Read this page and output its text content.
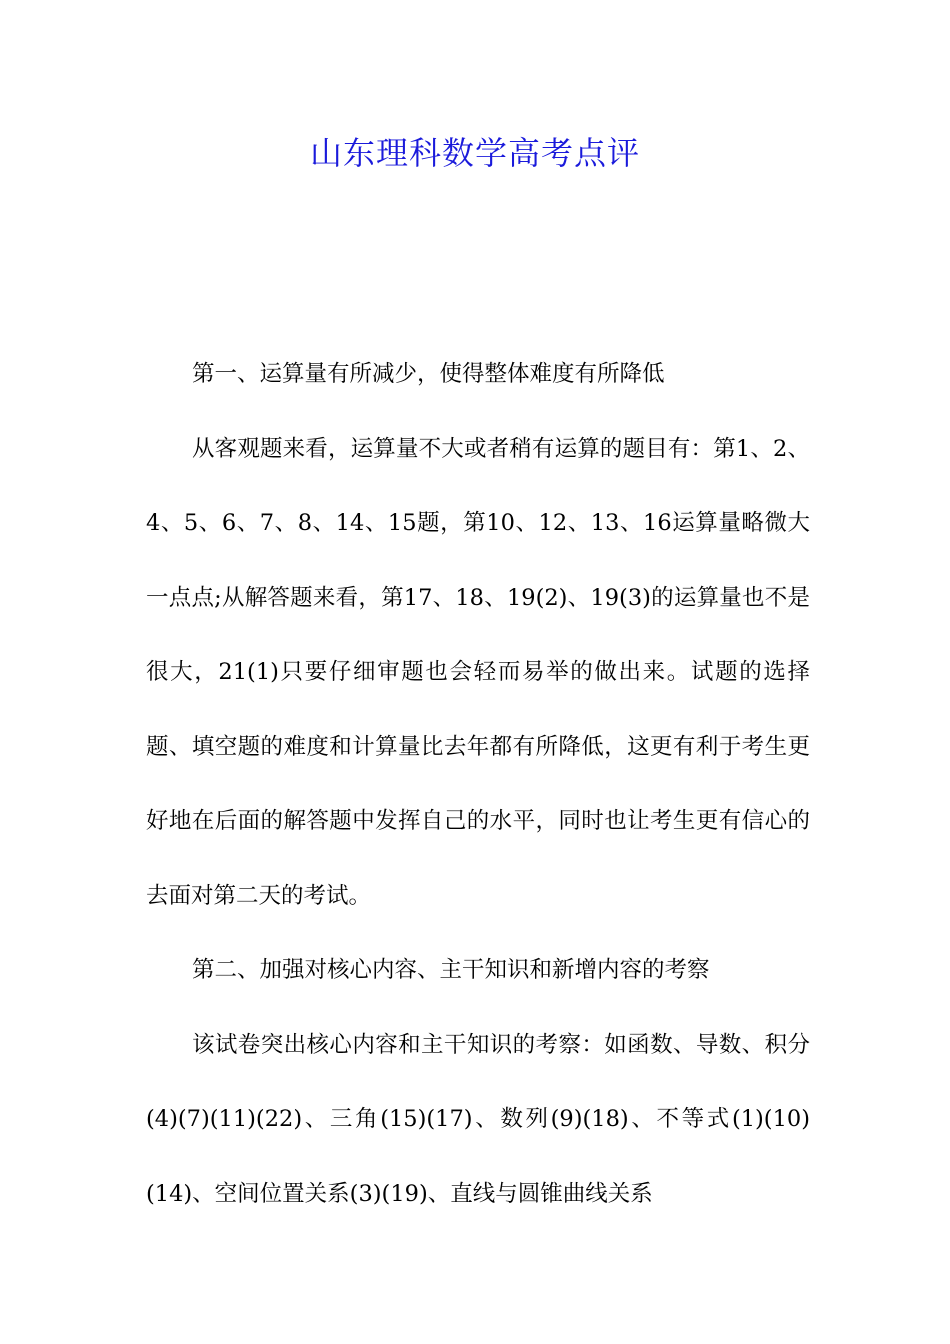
山东理科数学高考点评

第一、运算量有所减少，使得整体难度有所降低

从客观题来看，运算量不大或者稍有运算的题目有：第1、2、4、5、6、7、8、14、15题，第10、12、13、16运算量略微大一点点;从解答题来看，第17、18、19(2)、19(3)的运算量也不是很大，21(1)只要仔细审题也会轻而易举的做出来。试题的选择题、填空题的难度和计算量比去年都有所降低，这更有利于考生更好地在后面的解答题中发挥自己的水平，同时也让考生更有信心的去面对第二天的考试。

第二、加强对核心内容、主干知识和新增内容的考察

该试卷突出核心内容和主干知识的考察：如函数、导数、积分(4)(7)(11)(22)、三角(15)(17)、数列(9)(18)、不等式(1)(10)(14)、空间位置关系(3)(19)、直线与圆锥曲线关系
